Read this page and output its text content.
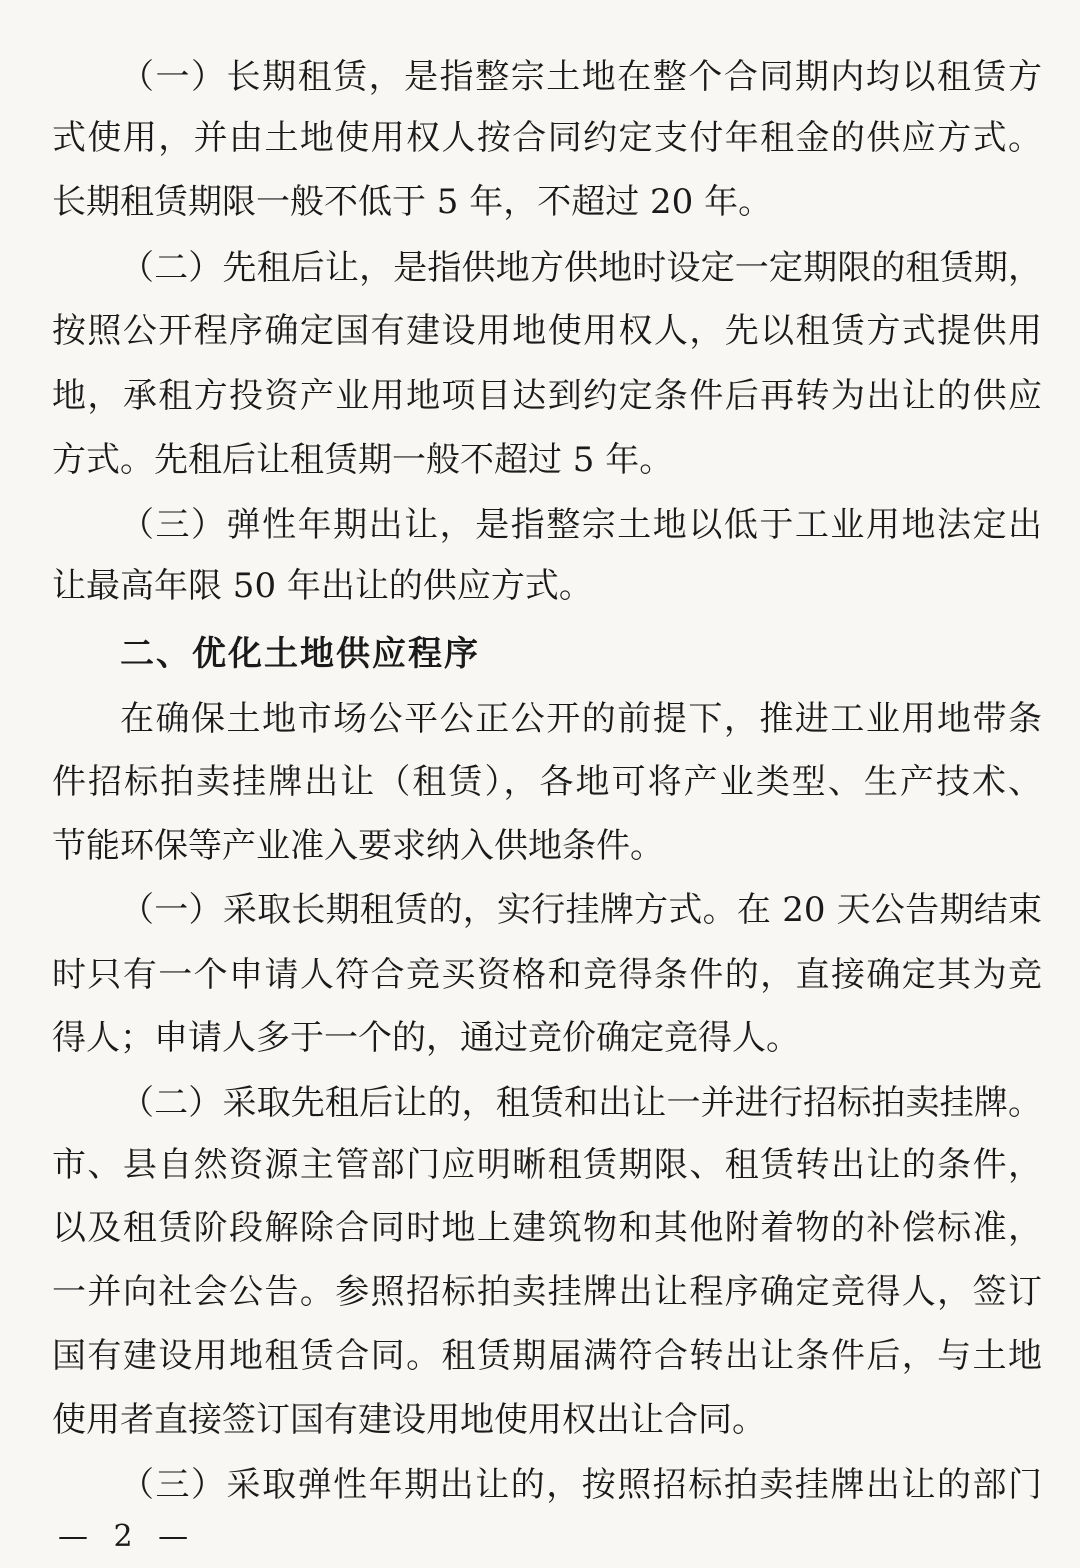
（一）长期租赁，是指整宗土地在整个合同期内均以租赁方
式使用，并由土地使用权人按合同约定支付年租金的供应方式。
长期租赁期限一般不低于 5 年，不超过 20 年。
（二）先租后让，是指供地方供地时设定一定期限的租赁期，
按照公开程序确定国有建设用地使用权人，先以租赁方式提供用
地，承租方投资产业用地项目达到约定条件后再转为出让的供应
方式。先租后让租赁期一般不超过 5 年。
（三）弹性年期出让，是指整宗土地以低于工业用地法定出
让最高年限 50 年出让的供应方式。
二、优化土地供应程序
在确保土地市场公平公正公开的前提下，推进工业用地带条
件招标拍卖挂牌出让（租赁），各地可将产业类型、生产技术、
节能环保等产业准入要求纳入供地条件。
（一）采取长期租赁的，实行挂牌方式。在 20 天公告期结束
时只有一个申请人符合竞买资格和竞得条件的，直接确定其为竞
得人；申请人多于一个的，通过竞价确定竞得人。
（二）采取先租后让的，租赁和出让一并进行招标拍卖挂牌。
市、县自然资源主管部门应明晰租赁期限、租赁转出让的条件，
以及租赁阶段解除合同时地上建筑物和其他附着物的补偿标准，
一并向社会公告。参照招标拍卖挂牌出让程序确定竞得人，签订
国有建设用地租赁合同。租赁期届满符合转出让条件后，与土地
使用者直接签订国有建设用地使用权出让合同。
（三）采取弹性年期出让的，按照招标拍卖挂牌出让的部门
— 2 —
